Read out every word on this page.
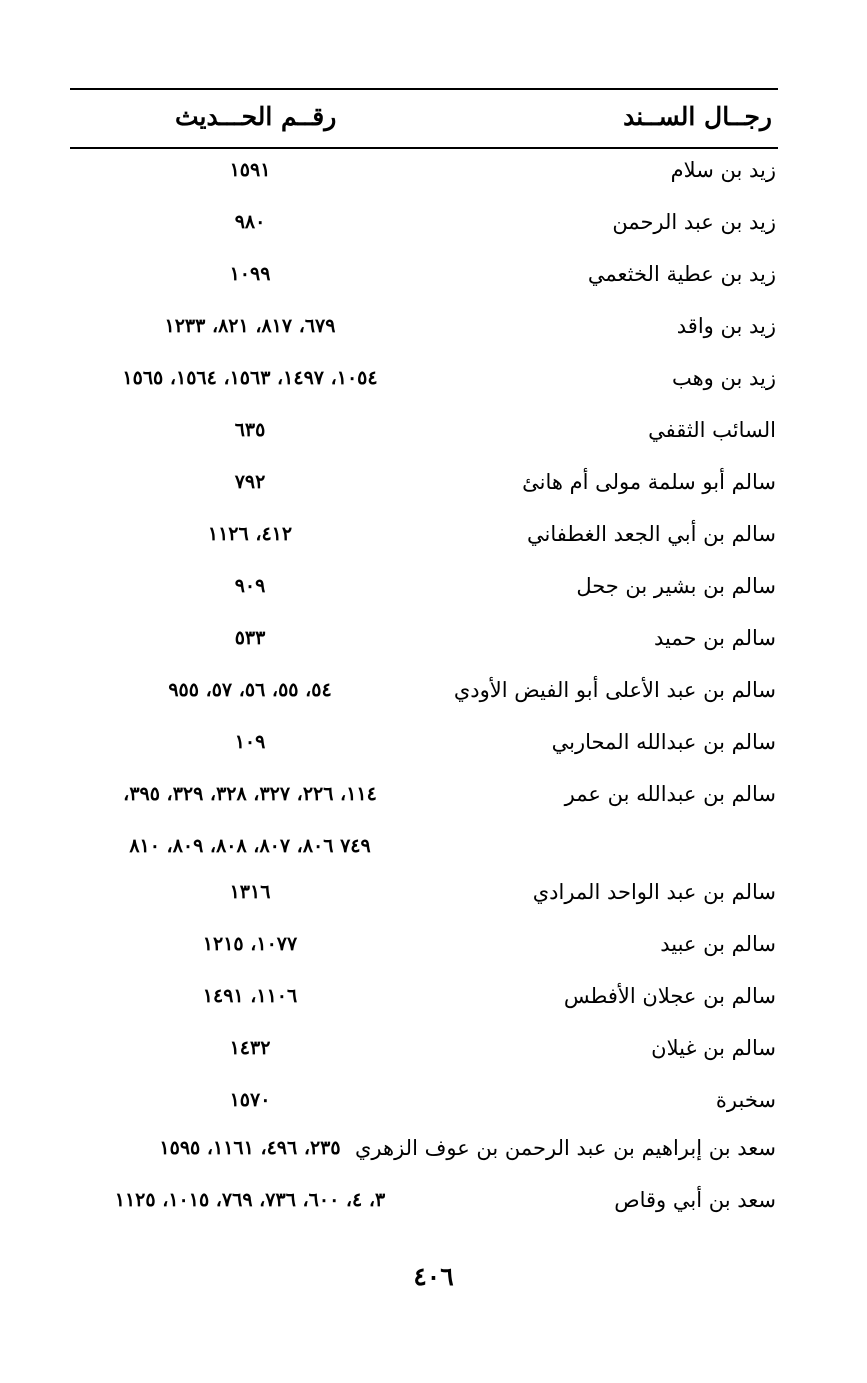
رجــال الســند
رقــم الحـــديث
زيد بن سلام
١٥٩١
زيد بن عبد الرحمن
٩٨٠
زيد بن عطية الخثعمي
١٠٩٩
زيد بن واقد
٦٧٩، ٨١٧، ٨٢١، ١٢٣٣
زيد بن وهب
١٠٥٤، ١٤٩٧، ١٥٦٣، ١٥٦٤، ١٥٦٥
السائب الثقفي
٦٣٥
سالم أبو سلمة مولى أم هانئ
٧٩٢
سالم بن أبي الجعد الغطفاني
٤١٢، ١١٢٦
سالم بن بشير بن جحل
٩٠٩
سالم بن حميد
٥٣٣
سالم بن عبد الأعلى أبو الفيض الأودي
٥٤، ٥٥، ٥٦، ٥٧، ٩٥٥
سالم بن عبدالله المحاربي
١٠٩
سالم بن عبدالله بن عمر
١١٤، ٢٢٦، ٣٢٧، ٣٢٨، ٣٢٩، ٣٩٥،
٧٤٩ ٨٠٦، ٨٠٧، ٨٠٨، ٨٠٩، ٨١٠
سالم بن عبد الواحد المرادي
١٣١٦
سالم بن عبيد
١٠٧٧، ١٢١٥
سالم بن عجلان الأفطس
١١٠٦، ١٤٩١
سالم بن غيلان
١٤٣٢
سخبرة
١٥٧٠
سعد بن إبراهيم بن عبد الرحمن بن عوف الزهري
٢٣٥، ٤٩٦، ١١٦١، ١٥٩٥
سعد بن أبي وقاص
٣، ٤، ٦٠٠، ٧٣٦، ٧٦٩، ١٠١٥، ١١٢٥
٤٠٦
